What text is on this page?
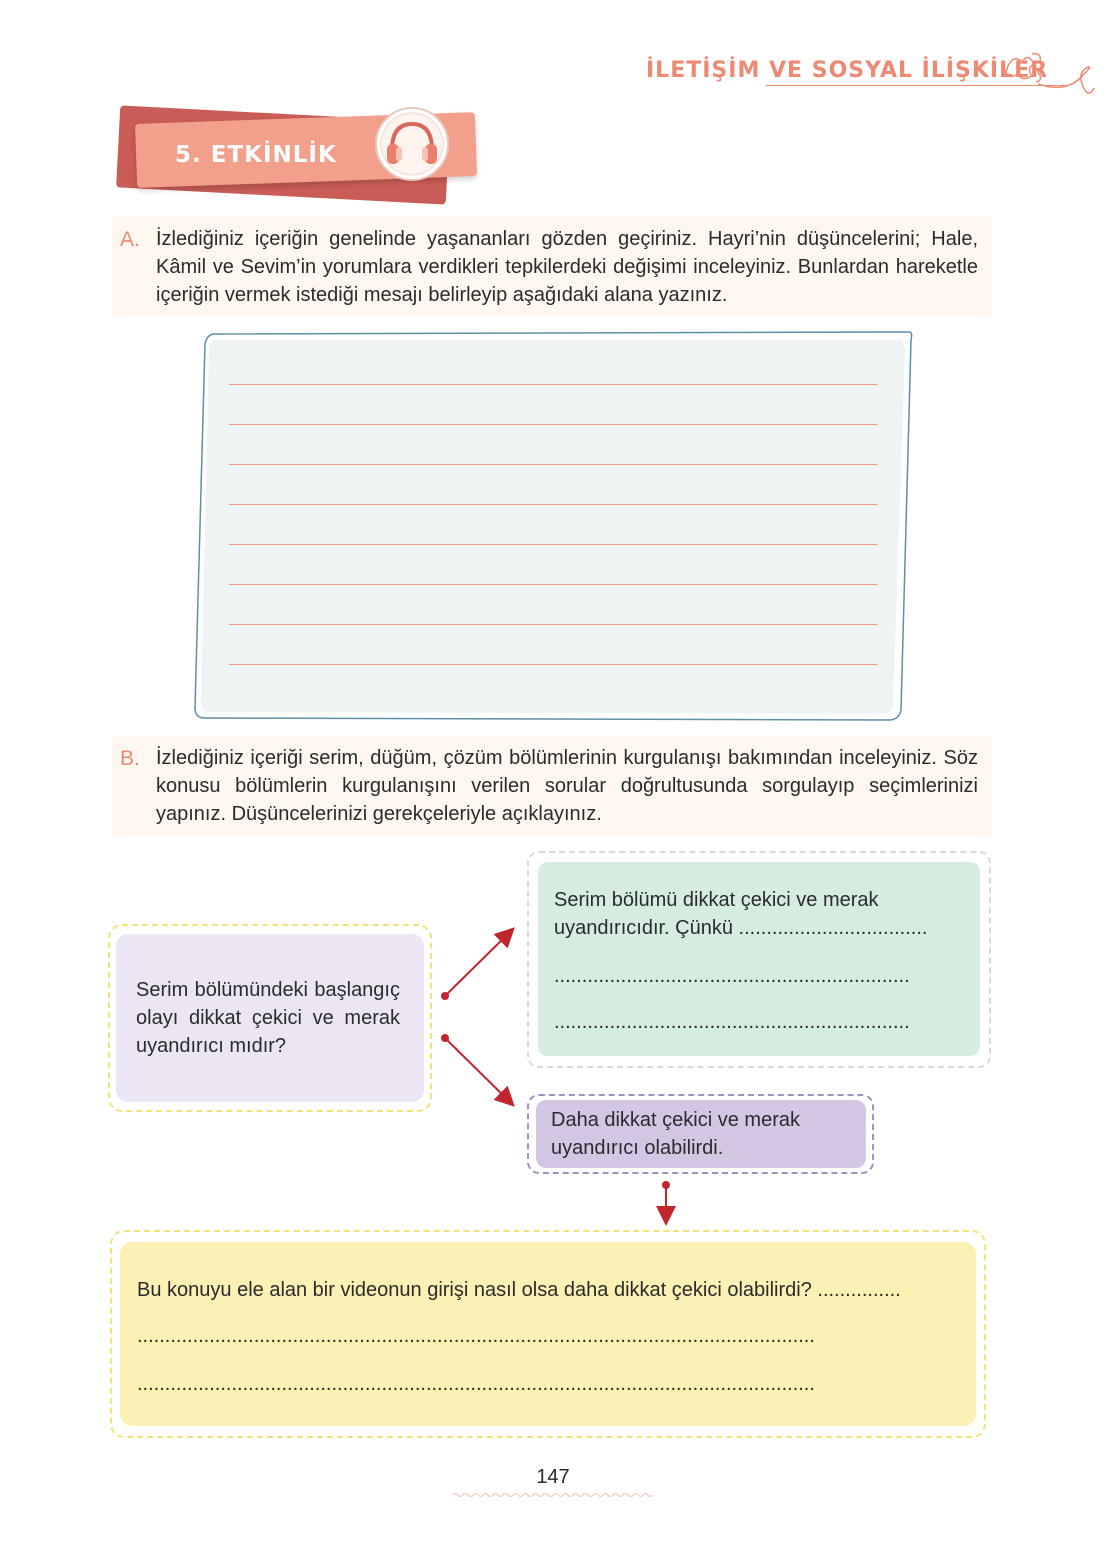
İLETİŞİM VE SOSYAL İLİŞKİLER
5. ETKİNLİK
A. İzlediğiniz içeriğin genelinde yaşananları gözden geçiriniz. Hayri’nin düşüncelerini; Hale, Kâmil ve Sevim’in yorumlara verdikleri tepkilerdeki değişimi inceleyiniz. Bunlardan hareketle içeriğin vermek istediği mesajı belirleyip aşağıdaki alana yazınız.
B. İzlediğiniz içeriği serim, düğüm, çözüm bölümlerinin kurgulanışı bakımından inceleyiniz. Söz konusu bölümlerin kurgulanışını verilen sorular doğrultusunda sorgulayıp seçimlerinizi yapınız. Düşüncelerinizi gerekçeleriyle açıklayınız.
Serim bölümündeki başlangıç olayı dikkat çekici ve merak uyandırıcı mıdır?
Serim bölümü dikkat çekici ve merak
uyandırıcıdır. Çünkü ..................................
................................................................
................................................................
Daha dikkat çekici ve merak
uyandırıcı olabilirdi.
Bu konuyu ele alan bir videonun girişi nasıl olsa daha dikkat çekici olabilirdi? ...............
..........................................................................................................................
..........................................................................................................................
147
